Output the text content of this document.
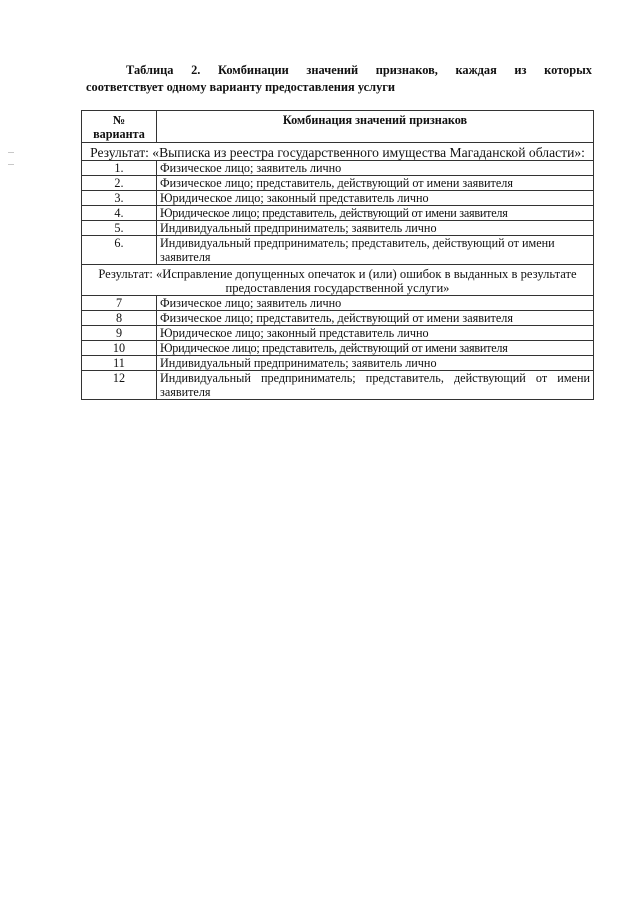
Таблица 2. Комбинации значений признаков, каждая из которых
соответствует одному варианту предоставления услуги
№
варианта	Комбинация значений признаков
Результат: «Выписка из реестра государственного имущества Магаданской области»:	
1.	Физическое лицо; заявитель лично
2.	Физическое лицо; представитель, действующий от имени заявителя
3.	Юридическое лицо; законный представитель лично
4.	Юридическое лицо; представитель, действующий от имени заявителя
5.	Индивидуальный предприниматель; заявитель лично
6.	Индивидуальный предприниматель; представитель, действующий от имени заявителя
Результат: «Исправление допущенных опечаток и (или) ошибок в выданных в результате предоставления государственной услуги»	
7	Физическое лицо; заявитель лично
8	Физическое лицо; представитель, действующий от имени заявителя
9	Юридическое лицо; законный представитель лично
10	Юридическое лицо; представитель, действующий от имени заявителя
11	Индивидуальный предприниматель; заявитель лично
12	Индивидуальный предприниматель; представитель, действующий от имени заявителя
